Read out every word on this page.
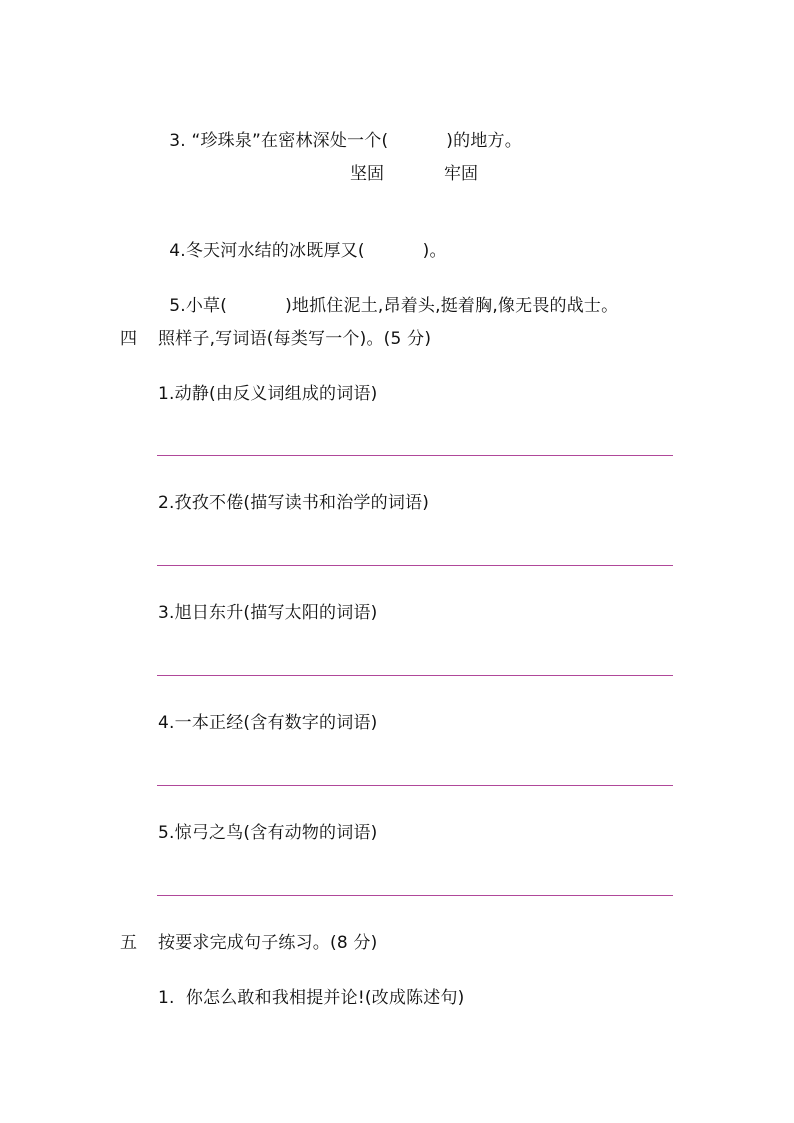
3. “珍珠泉”在密林深处一个(	)的地方。

坚固	牢固

4.冬天河水结的冰既厚又(	)。

5.小草(	)地抓住泥土,昂着头,挺着胸,像无畏的战士。

四 照样子,写词语(每类写一个)。(5 分)
1.动静(由反义词组成的词语)
2.孜孜不倦(描写读书和治学的词语)
3.旭日东升(描写太阳的词语)
4.一本正经(含有数字的词语)
5.惊弓之鸟(含有动物的词语)
五 按要求完成句子练习。(8 分)
1.  你怎么敢和我相提并论!(改成陈述句)
